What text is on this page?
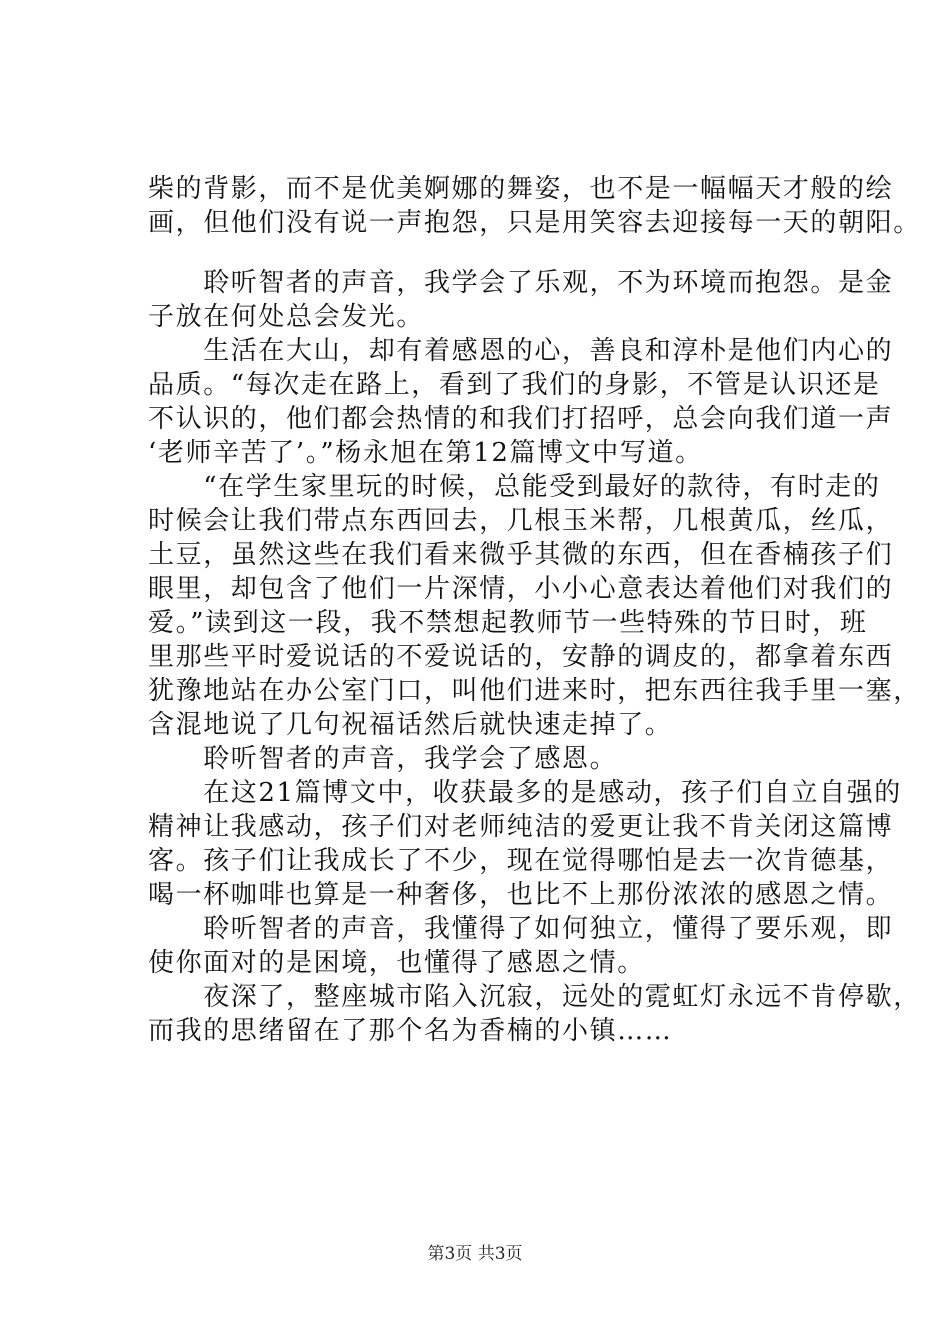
柴的背影，而不是优美婀娜的舞姿，也不是一幅幅天才般的绘
画，但他们没有说一声抱怨，只是用笑容去迎接每一天的朝阳。
　　聆听智者的声音，我学会了乐观，不为环境而抱怨。是金
子放在何处总会发光。
　　生活在大山，却有着感恩的心，善良和淳朴是他们内心的
品质。“每次走在路上，看到了我们的身影，不管是认识还是
不认识的，他们都会热情的和我们打招呼，总会向我们道一声
‘老师辛苦了’。”杨永旭在第12篇博文中写道。
　　“在学生家里玩的时候，总能受到最好的款待，有时走的
时候会让我们带点东西回去，几根玉米帮，几根黄瓜，丝瓜，
土豆，虽然这些在我们看来微乎其微的东西，但在香楠孩子们
眼里，却包含了他们一片深情，小小心意表达着他们对我们的
爱。”读到这一段，我不禁想起教师节一些特殊的节日时，班
里那些平时爱说话的不爱说话的，安静的调皮的，都拿着东西
犹豫地站在办公室门口，叫他们进来时，把东西往我手里一塞，
含混地说了几句祝福话然后就快速走掉了。
　　聆听智者的声音，我学会了感恩。
　　在这21篇博文中，收获最多的是感动，孩子们自立自强的
精神让我感动，孩子们对老师纯洁的爱更让我不肯关闭这篇博
客。孩子们让我成长了不少，现在觉得哪怕是去一次肯德基，
喝一杯咖啡也算是一种奢侈，也比不上那份浓浓的感恩之情。
　　聆听智者的声音，我懂得了如何独立，懂得了要乐观，即
使你面对的是困境，也懂得了感恩之情。
　　夜深了，整座城市陷入沉寂，远处的霓虹灯永远不肯停歇，
而我的思绪留在了那个名为香楠的小镇……
第3页 共3页
